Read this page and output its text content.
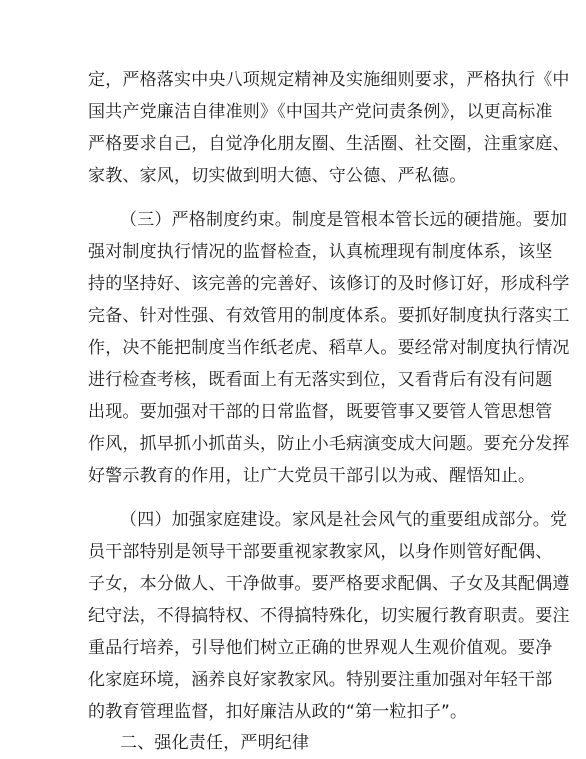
定，严格落实中央八项规定精神及实施细则要求，严格执行《中
国共产党廉洁自律准则》《中国共产党问责条例》，以更高标准
严格要求自己，自觉净化朋友圈、生活圈、社交圈，注重家庭、
家教、家风，切实做到明大德、守公德、严私德。
（三）严格制度约束。制度是管根本管长远的硬措施。要加
强对制度执行情况的监督检查，认真梳理现有制度体系，该坚
持的坚持好、该完善的完善好、该修订的及时修订好，形成科学
完备、针对性强、有效管用的制度体系。要抓好制度执行落实工
作，决不能把制度当作纸老虎、稻草人。要经常对制度执行情况
进行检查考核，既看面上有无落实到位，又看背后有没有问题
出现。要加强对干部的日常监督，既要管事又要管人管思想管
作风，抓早抓小抓苗头，防止小毛病演变成大问题。要充分发挥
好警示教育的作用，让广大党员干部引以为戒、醒悟知止。
（四）加强家庭建设。家风是社会风气的重要组成部分。党
员干部特别是领导干部要重视家教家风，以身作则管好配偶、
子女，本分做人、干净做事。要严格要求配偶、子女及其配偶遵
纪守法，不得搞特权、不得搞特殊化，切实履行教育职责。要注
重品行培养，引导他们树立正确的世界观人生观价值观。要净
化家庭环境，涵养良好家教家风。特别要注重加强对年轻干部
的教育管理监督，扣好廉洁从政的“第一粒扣子”。
二、强化责任，严明纪律
